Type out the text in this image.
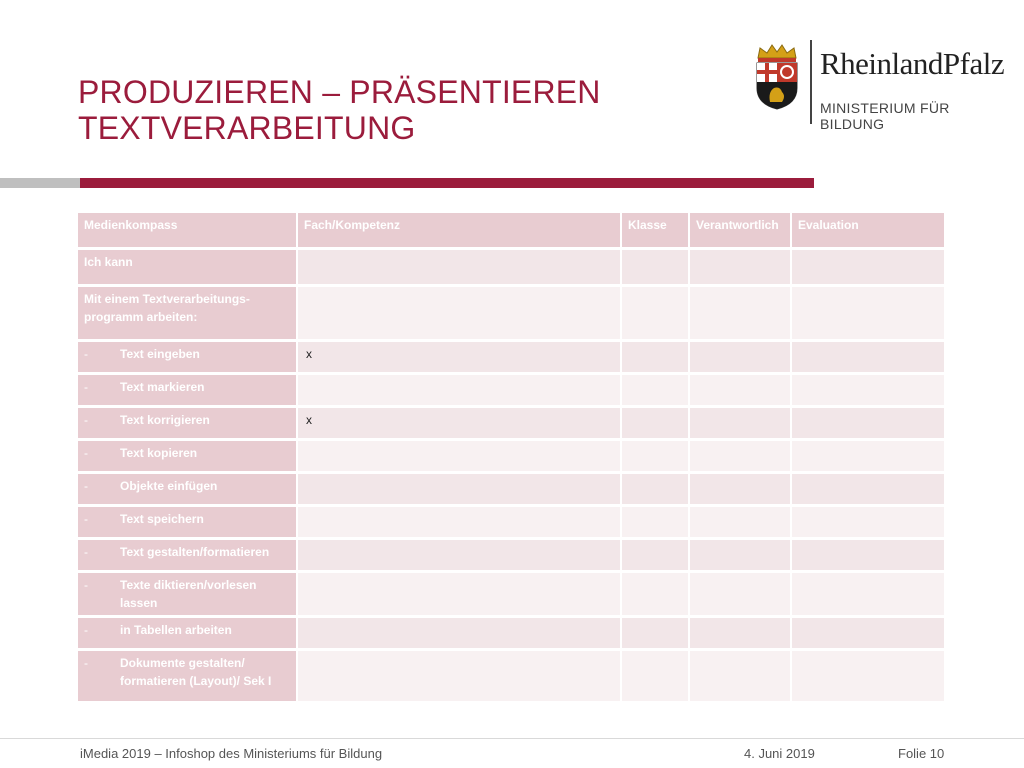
PRODUZIEREN – PRÄSENTIEREN
TEXTVERARBEITUNG
RheinlandPfalz
MINISTERIUM FÜR BILDUNG
Medienkompass	Fach/Kompetenz	Klasse	Verantwortlich	Evaluation
Ich kann				
Mit einem Textverarbeitungs-programm arbeiten:				

- Text eingeben	x			

- Text markieren				

- Text korrigieren	x			

- Text kopieren				

- Objekte einfügen				

- Text speichern				

- Text gestalten/formatieren				

- Texte diktieren/vorlesen lassen				

- in Tabellen arbeiten				

- Dokumente gestalten/ formatieren (Layout)/ Sek I				

iMedia 2019 – Infoshop des Ministeriums für Bildung	4. Juni 2019	Folie 10
